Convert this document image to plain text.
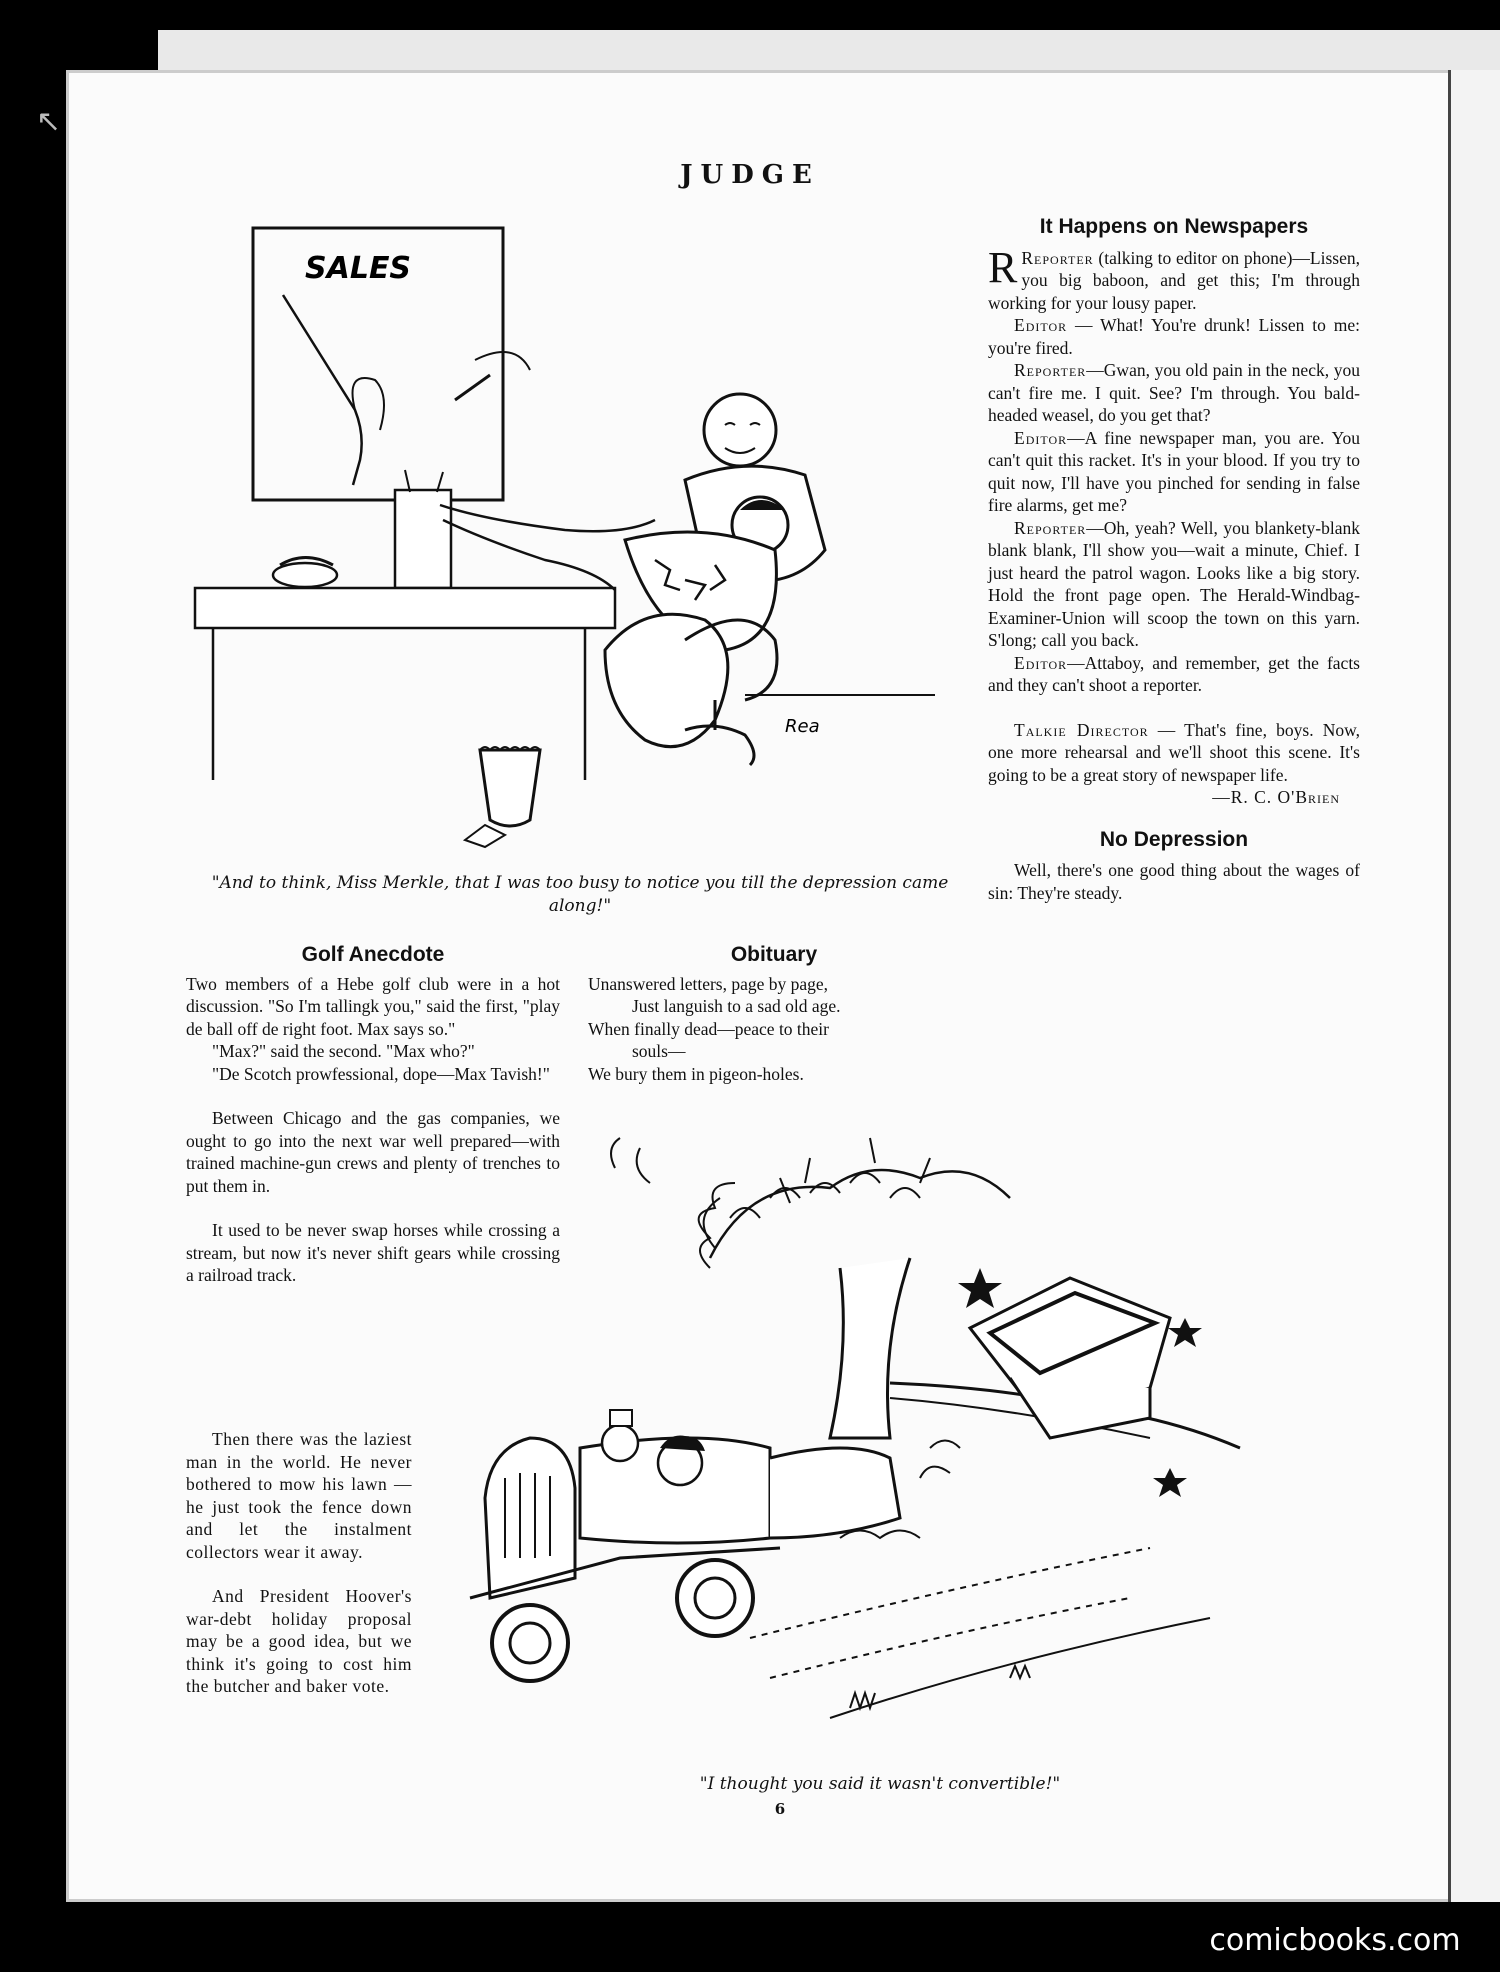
↖
JUDGE
SALES
Rea
"And to think, Miss Merkle, that I was too busy to notice you till the depression came along!"
It Happens on Newspapers

R Reporter (talking to editor on phone)—Lissen, you big baboon, and get this; I'm through working for your lousy paper.

Editor — What! You're drunk! Lissen to me: you're fired.

Reporter—Gwan, you old pain in the neck, you can't fire me. I quit. See? I'm through. You bald-headed weasel, do you get that?

Editor—A fine newspaper man, you are. You can't quit this racket. It's in your blood. If you try to quit now, I'll have you pinched for sending in false fire alarms, get me?

Reporter—Oh, yeah? Well, you blankety-blank blank blank, I'll show you—wait a minute, Chief. I just heard the patrol wagon. Looks like a big story. Hold the front page open. The Herald-Windbag-Examiner-Union will scoop the town on this yarn. S'long; call you back.

Editor—Attaboy, and remember, get the facts and they can't shoot a reporter.

Talkie Director — That's fine, boys. Now, one more rehearsal and we'll shoot this scene. It's going to be a great story of newspaper life.

—R. C. O'Brien
No Depression

Well, there's one good thing about the wages of sin: They're steady.

Golf Anecdote

Two members of a Hebe golf club were in a hot discussion. "So I'm tallingk you," said the first, "play de ball off de right foot. Max says so."

"Max?" said the second. "Max who?"

"De Scotch prowfessional, dope—Max Tavish!"

Between Chicago and the gas companies, we ought to go into the next war well prepared—with trained machine-gun crews and plenty of trenches to put them in.

It used to be never swap horses while crossing a stream, but now it's never shift gears while crossing a railroad track.

Then there was the laziest man in the world. He never bothered to mow his lawn —he just took the fence down and let the instalment collectors wear it away.

And President Hoover's war-debt holiday proposal may be a good idea, but we think it's going to cost him the butcher and baker vote.

Obituary
Unanswered letters, page by page,
Just languish to a sad old age.
When finally dead—peace to their
souls—
We bury them in pigeon-holes.
"I thought you said it wasn't convertible!"
6
comicbooks.com
